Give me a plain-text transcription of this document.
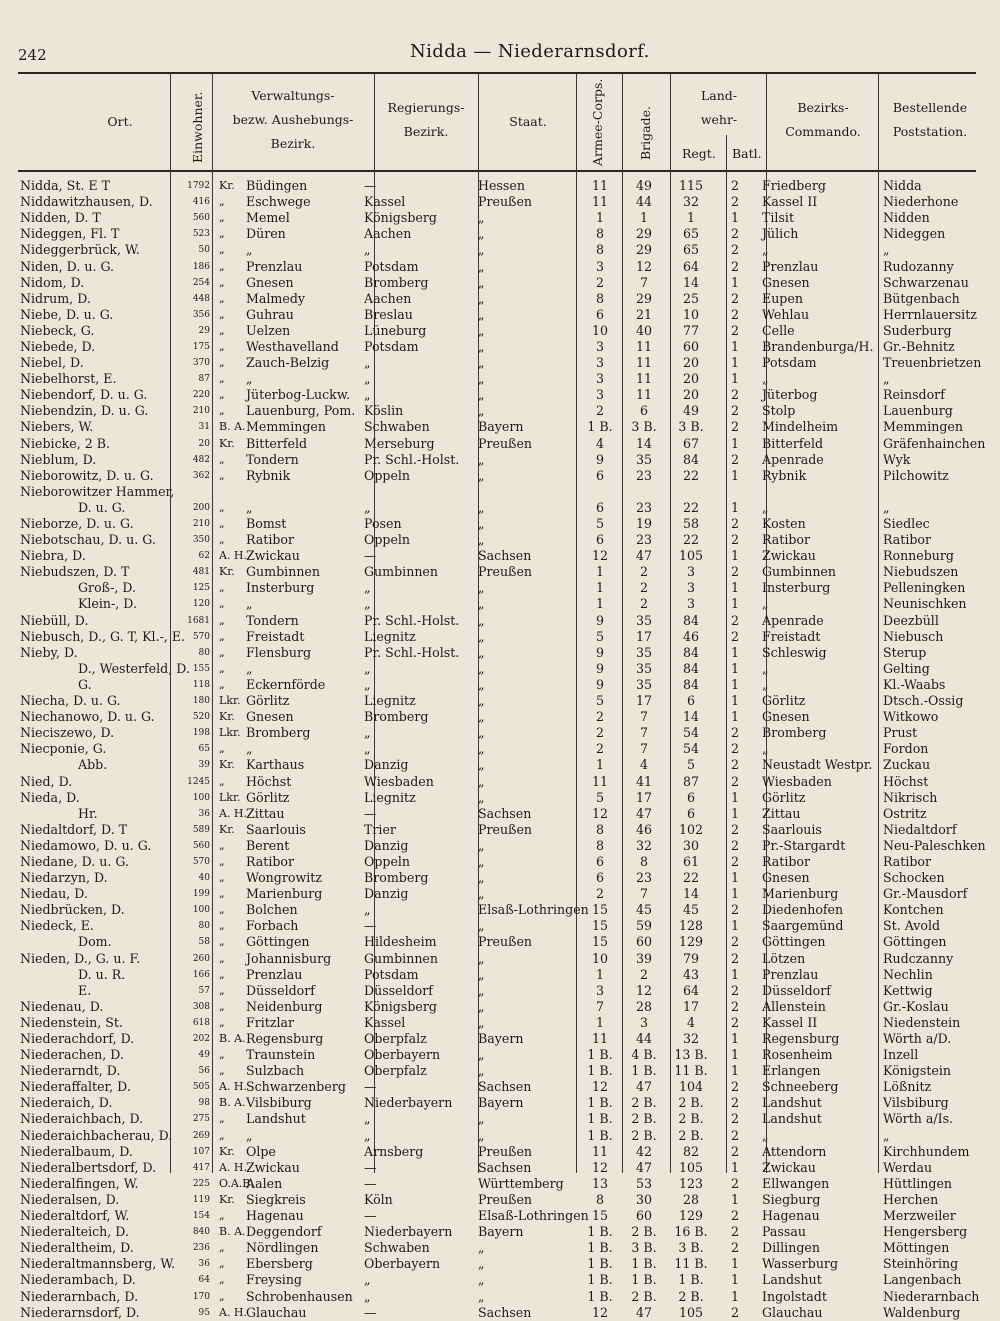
242	Nidda — Niederarnsdorf.
Ort.	Einwohner.	Verwaltungs-
bezw. Aushebungs-
Bezirk.
Regierungs-
Bezirk.
Staat.	Armee-Corps.	Brigade.
Land-
wehr-
Regt. Batl.
Bezirks-
Commando.
Bestellende
Poststation.
Nidda, St. E T	1792	Kr.	Büdingen	—	Hessen	11	49	115	2	Friedberg	Nidda
Niddawitzhausen, D.	416	„	Eschwege	Kassel	Preußen	11	44	32	2	Kassel II	Niederhone
Nidden, D. T	560	„	Memel	Königsberg	„	1	1	1	1	Tilsit	Nidden
Nideggen, Fl. T	523	„	Düren	Aachen	„	8	29	65	2	Jülich	Nideggen
Nideggerbrück, W.	50	„	„	„	„	8	29	65	2	„	„
Niden, D. u. G.	186	„	Prenzlau	Potsdam	„	3	12	64	2	Prenzlau	Rudozanny
Nidom, D.	254	„	Gnesen	Bromberg	„	2	7	14	1	Gnesen	Schwarzenau
Nidrum, D.	448	„	Malmedy	Aachen	„	8	29	25	2	Eupen	Bütgenbach
Niebe, D. u. G.	356	„	Guhrau	Breslau	„	6	21	10	2	Wehlau	Herrnlauersitz
Niebeck, G.	29	„	Uelzen	Lüneburg	„	10	40	77	2	Celle	Suderburg
Niebede, D.	175	„	Westhavelland	Potsdam	„	3	11	60	1	Brandenburga/H.	Gr.-Behnitz
Niebel, D.	370	„	Zauch-Belzig	„	„	3	11	20	1	Potsdam	Treuenbrietzen
Niebelhorst, E.	87	„	„	„	„	3	11	20	1	„	„
Niebendorf, D. u. G.	220	„	Jüterbog-Luckw.	„	„	3	11	20	2	Jüterbog	Reinsdorf
Niebendzin, D. u. G.	210	„	Lauenburg, Pom.	Köslin	„	2	6	49	2	Stolp	Lauenburg
Niebers, W.	31	B. A.	Memmingen	Schwaben	Bayern	1 B.	3 B.	3 B.	2	Mindelheim	Memmingen
Niebicke, 2 B.	20	Kr.	Bitterfeld	Merseburg	Preußen	4	14	67	1	Bitterfeld	Gräfenhainchen
Nieblum, D.	482	„	Tondern	Pr. Schl.-Holst.	„	9	35	84	2	Apenrade	Wyk
Nieborowitz, D. u. G.	362	„	Rybnik	Oppeln	„	6	23	22	1	Rybnik	Pilchowitz
Nieborowitzer Hammer,											
D. u. G.	200	„	„	„	„	6	23	22	1	„	„
Nieborze, D. u. G.	210	„	Bomst	Posen	„	5	19	58	2	Kosten	Siedlec
Niebotschau, D. u. G.	350	„	Ratibor	Oppeln	„	6	23	22	2	Ratibor	Ratibor
Niebra, D.	62	A. H.	Zwickau	—	Sachsen	12	47	105	1	Zwickau	Ronneburg
Niebudszen, D. T	481	Kr.	Gumbinnen	Gumbinnen	Preußen	1	2	3	2	Gumbinnen	Niebudszen
Groß-, D.	125	„	Insterburg	„	„	1	2	3	1	Insterburg	Pelleningken
Klein-, D.	120	„	„	„	„	1	2	3	1	„	Neunischken
Niebüll, D.	1681	„	Tondern	Pr. Schl.-Holst.	„	9	35	84	2	Apenrade	Deezbüll
Niebusch, D., G. T, Kl.-, E.	570	„	Freistadt	Liegnitz	„	5	17	46	2	Freistadt	Niebusch
Nieby, D.	80	„	Flensburg	Pr. Schl.-Holst.	„	9	35	84	1	Schleswig	Sterup
D., Westerfeld, D.	155	„	„	„	„	9	35	84	1	„	Gelting
G.	118	„	Eckernförde	„	„	9	35	84	1	„	Kl.-Waabs
Niecha, D. u. G.	180	Lkr.	Görlitz	Liegnitz	„	5	17	6	1	Görlitz	Dtsch.-Ossig
Niechanowo, D. u. G.	520	Kr.	Gnesen	Bromberg	„	2	7	14	1	Gnesen	Witkowo
Nieciszewo, D.	198	Lkr.	Bromberg	„	„	2	7	54	2	Bromberg	Prust
Niecponie, G.	65	„	„	„	„	2	7	54	2	„	Fordon
Abb.	39	Kr.	Karthaus	Danzig	„	1	4	5	2	Neustadt Westpr.	Zuckau
Nied, D.	1245	„	Höchst	Wiesbaden	„	11	41	87	2	Wiesbaden	Höchst
Nieda, D.	100	Lkr.	Görlitz	Liegnitz	„	5	17	6	1	Görlitz	Nikrisch
Hr.	36	A. H.	Zittau	—	Sachsen	12	47	6	1	Zittau	Ostritz
Niedaltdorf, D. T	589	Kr.	Saarlouis	Trier	Preußen	8	46	102	2	Saarlouis	Niedaltdorf
Niedamowo, D. u. G.	560	„	Berent	Danzig	„	8	32	30	2	Pr.-Stargardt	Neu-Paleschken
Niedane, D. u. G.	570	„	Ratibor	Oppeln	„	6	8	61	2	Ratibor	Ratibor
Niedarzyn, D.	40	„	Wongrowitz	Bromberg	„	6	23	22	1	Gnesen	Schocken
Niedau, D.	199	„	Marienburg	Danzig	„	2	7	14	1	Marienburg	Gr.-Mausdorf
Niedbrücken, D.	100	„	Bolchen	„	Elsaß-Lothringen	15	45	45	2	Diedenhofen	Kontchen
Niedeck, E.	80	„	Forbach	—	„	15	59	128	1	Saargemünd	St. Avold
Dom.	58	„	Göttingen	Hildesheim	Preußen	15	60	129	2	Göttingen	Göttingen
Nieden, D., G. u. F.	260	„	Johannisburg	Gumbinnen	„	10	39	79	2	Lötzen	Rudczanny
D. u. R.	166	„	Prenzlau	Potsdam	„	1	2	43	1	Prenzlau	Nechlin
E.	57	„	Düsseldorf	Düsseldorf	„	3	12	64	2	Düsseldorf	Kettwig
Niedenau, D.	308	„	Neidenburg	Königsberg	„	7	28	17	2	Allenstein	Gr.-Koslau
Niedenstein, St.	618	„	Fritzlar	Kassel	„	1	3	4	2	Kassel II	Niedenstein
Niederachdorf, D.	202	B. A.	Regensburg	Oberpfalz	Bayern	11	44	32	1	Regensburg	Wörth a/D.
Niederachen, D.	49	„	Traunstein	Oberbayern	„	1 B.	4 B.	13 B.	1	Rosenheim	Inzell
Niederarndt, D.	56	„	Sulzbach	Oberpfalz	„	1 B.	1 B.	11 B.	1	Erlangen	Königstein
Niederaffalter, D.	505	A. H.	Schwarzenberg	—	Sachsen	12	47	104	2	Schneeberg	Lößnitz
Niederaich, D.	98	B. A.	Vilsbiburg	Niederbayern	Bayern	1 B.	2 B.	2 B.	2	Landshut	Vilsbiburg
Niederaichbach, D.	275	„	Landshut	„	„	1 B.	2 B.	2 B.	2	Landshut	Wörth a/Is.
Niederaichbacherau, D.	269	„	„	„	„	1 B.	2 B.	2 B.	2	„	„
Niederalbaum, D.	107	Kr.	Olpe	Arnsberg	Preußen	11	42	82	2	Attendorn	Kirchhundem
Niederalbertsdorf, D.	417	A. H.	Zwickau	—	Sachsen	12	47	105	1	Zwickau	Werdau
Niederalfingen, W.	225	O.A.B.	Aalen	—	Württemberg	13	53	123	2	Ellwangen	Hüttlingen
Niederalsen, D.	119	Kr.	Siegkreis	Köln	Preußen	8	30	28	1	Siegburg	Herchen
Niederaltdorf, W.	154	„	Hagenau	—	Elsaß-Lothringen	15	60	129	2	Hagenau	Merzweiler
Niederalteich, D.	840	B. A.	Deggendorf	Niederbayern	Bayern	1 B.	2 B.	16 B.	2	Passau	Hengersberg
Niederaltheim, D.	236	„	Nördlingen	Schwaben	„	1 B.	3 B.	3 B.	2	Dillingen	Möttingen
Niederaltmannsberg, W.	36	„	Ebersberg	Oberbayern	„	1 B.	1 B.	11 B.	1	Wasserburg	Steinhöring
Niederambach, D.	64	„	Freysing	„	„	1 B.	1 B.	1 B.	1	Landshut	Langenbach
Niederarnbach, D.	170	„	Schrobenhausen	„	„	1 B.	2 B.	2 B.	1	Ingolstadt	Niederarnbach
Niederarnsdorf, D.	95	A. H.	Glauchau	—	Sachsen	12	47	105	2	Glauchau	Waldenburg
